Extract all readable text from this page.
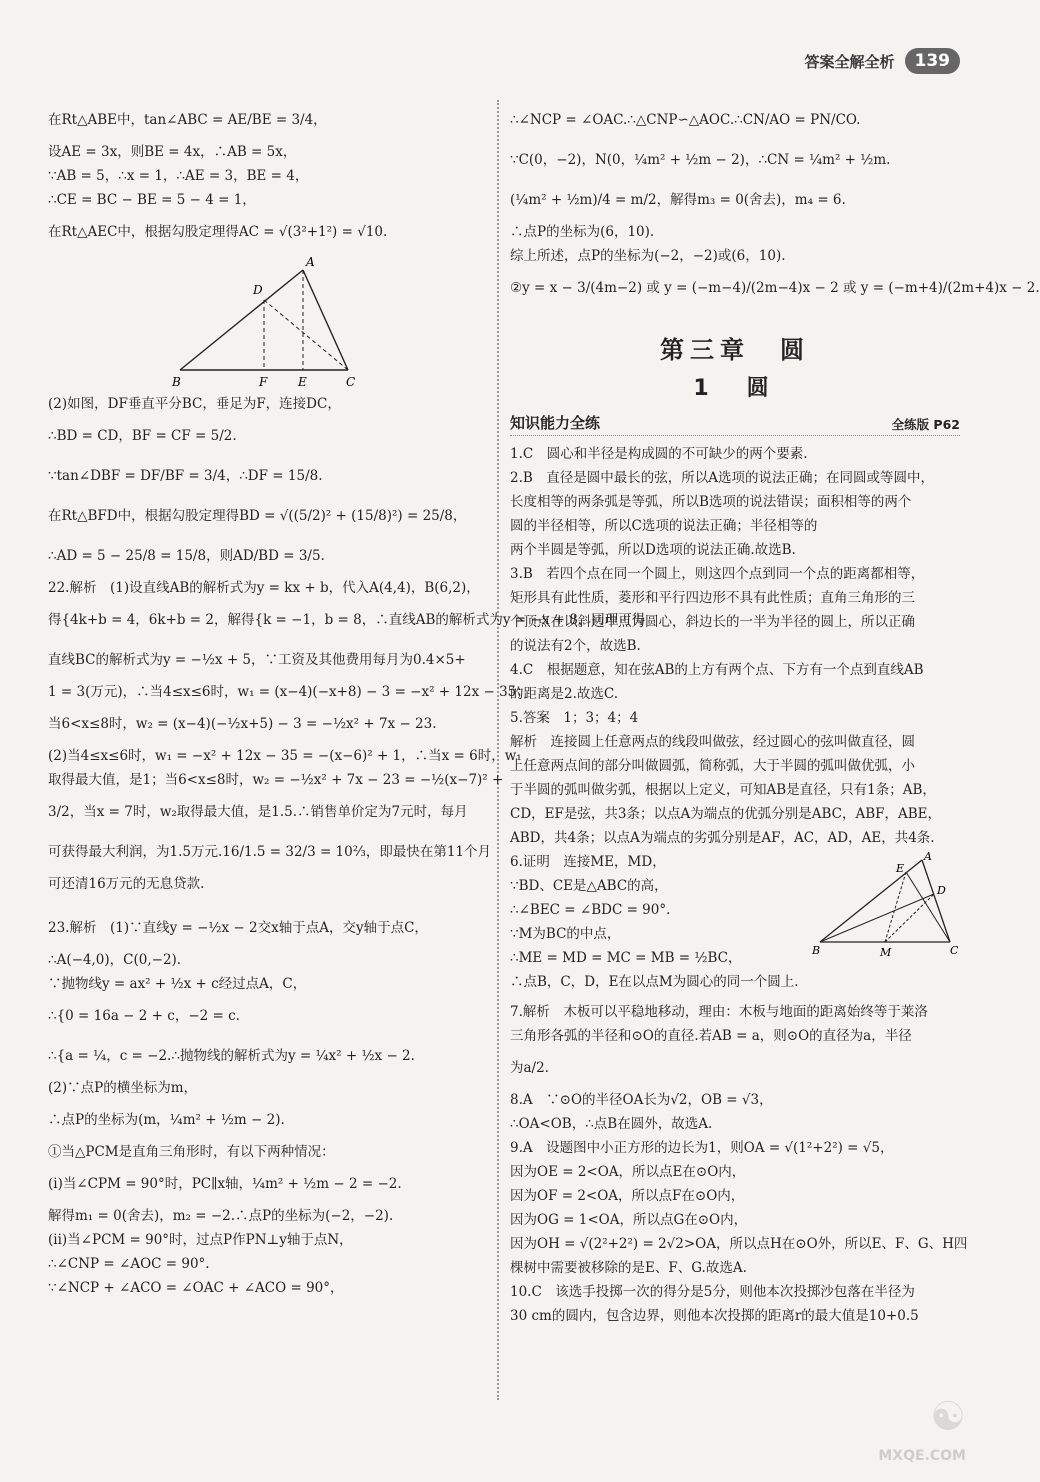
答案全解全析	139
在Rt△ABE中，tan∠ABC = AE/BE = 3/4，
设AE = 3x，则BE = 4x，∴AB = 5x，
∵AB = 5，∴x = 1，∴AE = 3，BE = 4，
∴CE = BC − BE = 5 − 4 = 1，
在Rt△AEC中，根据勾股定理得AC = √(3²+1²) = √10.
A
B	C
D
E
F
(2)如图，DF垂直平分BC，垂足为F，连接DC，
∴BD = CD，BF = CF = 5/2.
∵tan∠DBF = DF/BF = 3/4，∴DF = 15/8.
在Rt△BFD中，根据勾股定理得BD = √((5/2)² + (15/8)²) = 25/8，
∴AD = 5 − 25/8 = 15/8，则AD/BD = 3/5.
22.解析　(1)设直线AB的解析式为y = kx + b，代入A(4,4)，B(6,2)，
得{4k+b = 4，6k+b = 2，解得{k = −1，b = 8，∴直线AB的解析式为y = −x + 8，同理可得
直线BC的解析式为y = −½x + 5，∵工资及其他费用每月为0.4×5+
1 = 3(万元)，∴当4≤x≤6时，w₁ = (x−4)(−x+8) − 3 = −x² + 12x − 35；
当6<x≤8时，w₂ = (x−4)(−½x+5) − 3 = −½x² + 7x − 23.
(2)当4≤x≤6时，w₁ = −x² + 12x − 35 = −(x−6)² + 1，∴当x = 6时，w₁
取得最大值，是1；当6<x≤8时，w₂ = −½x² + 7x − 23 = −½(x−7)² +
3/2，当x = 7时，w₂取得最大值，是1.5.∴销售单价定为7元时，每月
可获得最大利润，为1.5万元.16/1.5 = 32/3 = 10⅔，即最快在第11个月
可还清16万元的无息贷款.
23.解析　(1)∵直线y = −½x − 2交x轴于点A，交y轴于点C，
∴A(−4,0)，C(0,−2).
∵抛物线y = ax² + ½x + c经过点A，C，
∴{0 = 16a − 2 + c，−2 = c.
∴{a = ¼，c = −2.∴抛物线的解析式为y = ¼x² + ½x − 2.
(2)∵点P的横坐标为m，
∴点P的坐标为(m，¼m² + ½m − 2).
①当△PCM是直角三角形时，有以下两种情况：
(i)当∠CPM = 90°时，PC∥x轴，¼m² + ½m − 2 = −2.
解得m₁ = 0(舍去)，m₂ = −2.∴点P的坐标为(−2，−2).
(ii)当∠PCM = 90°时，过点P作PN⊥y轴于点N，
∴∠CNP = ∠AOC = 90°.
∵∠NCP + ∠ACO = ∠OAC + ∠ACO = 90°，
∴∠NCP = ∠OAC.∴△CNP∽△AOC.∴CN/AO = PN/CO.
∵C(0，−2)，N(0，¼m² + ½m − 2)，∴CN = ¼m² + ½m.
(¼m² + ½m)/4 = m/2，解得m₃ = 0(舍去)，m₄ = 6.
∴点P的坐标为(6，10).
综上所述，点P的坐标为(−2，−2)或(6，10).
②y = x − 3/(4m−2) 或 y = (−m−4)/(2m−4)x − 2 或 y = (−m+4)/(2m+4)x − 2.
第三章　圆
1　圆
知识能力全练	全练版 P62
1.C　圆心和半径是构成圆的不可缺少的两个要素.
2.B　直径是圆中最长的弦，所以A选项的说法正确；在同圆或等圆中，
长度相等的两条弧是等弧，所以B选项的说法错误；面积相等的两个
圆的半径相等，所以C选项的说法正确；半径相等的
两个半圆是等弧，所以D选项的说法正确.故选B.
3.B　若四个点在同一个圆上，则这四个点到同一个点的距离都相等，
矩形具有此性质，菱形和平行四边形不具有此性质；直角三角形的三
个顶点在以斜边中点为圆心，斜边长的一半为半径的圆上，所以正确
的说法有2个，故选B.
4.C　根据题意，知在弦AB的上方有两个点、下方有一个点到直线AB
的距离是2.故选C.
5.答案　1；3；4；4
解析　连接圆上任意两点的线段叫做弦，经过圆心的弦叫做直径，圆
上任意两点间的部分叫做圆弧，简称弧，大于半圆的弧叫做优弧，小
于半圆的弧叫做劣弧，根据以上定义，可知AB是直径，只有1条；AB，
CD，EF是弦，共3条；以点A为端点的优弧分别是ABC，ABF，ABE，
ABD，共4条；以点A为端点的劣弧分别是AF，AC，AD，AE，共4条.
6.证明　连接ME，MD，
∵BD、CE是△ABC的高，
∴∠BEC = ∠BDC = 90°.
∵M为BC的中点，
∴ME = MD = MC = MB = ½BC，
∴点B，C，D，E在以点M为圆心的同一个圆上.
A
B	C
D
E
M
7.解析　木板可以平稳地移动，理由：木板与地面的距离始终等于莱洛
三角形各弧的半径和⊙O的直径.若AB = a，则⊙O的直径为a，半径
为a/2.
8.A　∵⊙O的半径OA长为√2，OB = √3，
∴OA<OB，∴点B在圆外，故选A.
9.A　设题图中小正方形的边长为1，则OA = √(1²+2²) = √5，
因为OE = 2<OA，所以点E在⊙O内，
因为OF = 2<OA，所以点F在⊙O内，
因为OG = 1<OA，所以点G在⊙O内，
因为OH = √(2²+2²) = 2√2>OA，所以点H在⊙O外，所以E、F、G、H四
棵树中需要被移除的是E、F、G.故选A.
10.C　该选手投掷一次的得分是5分，则他本次投掷沙包落在半径为
30 cm的圆内，包含边界，则他本次投掷的距离r的最大值是10+0.5
☯
MXQE.COM
